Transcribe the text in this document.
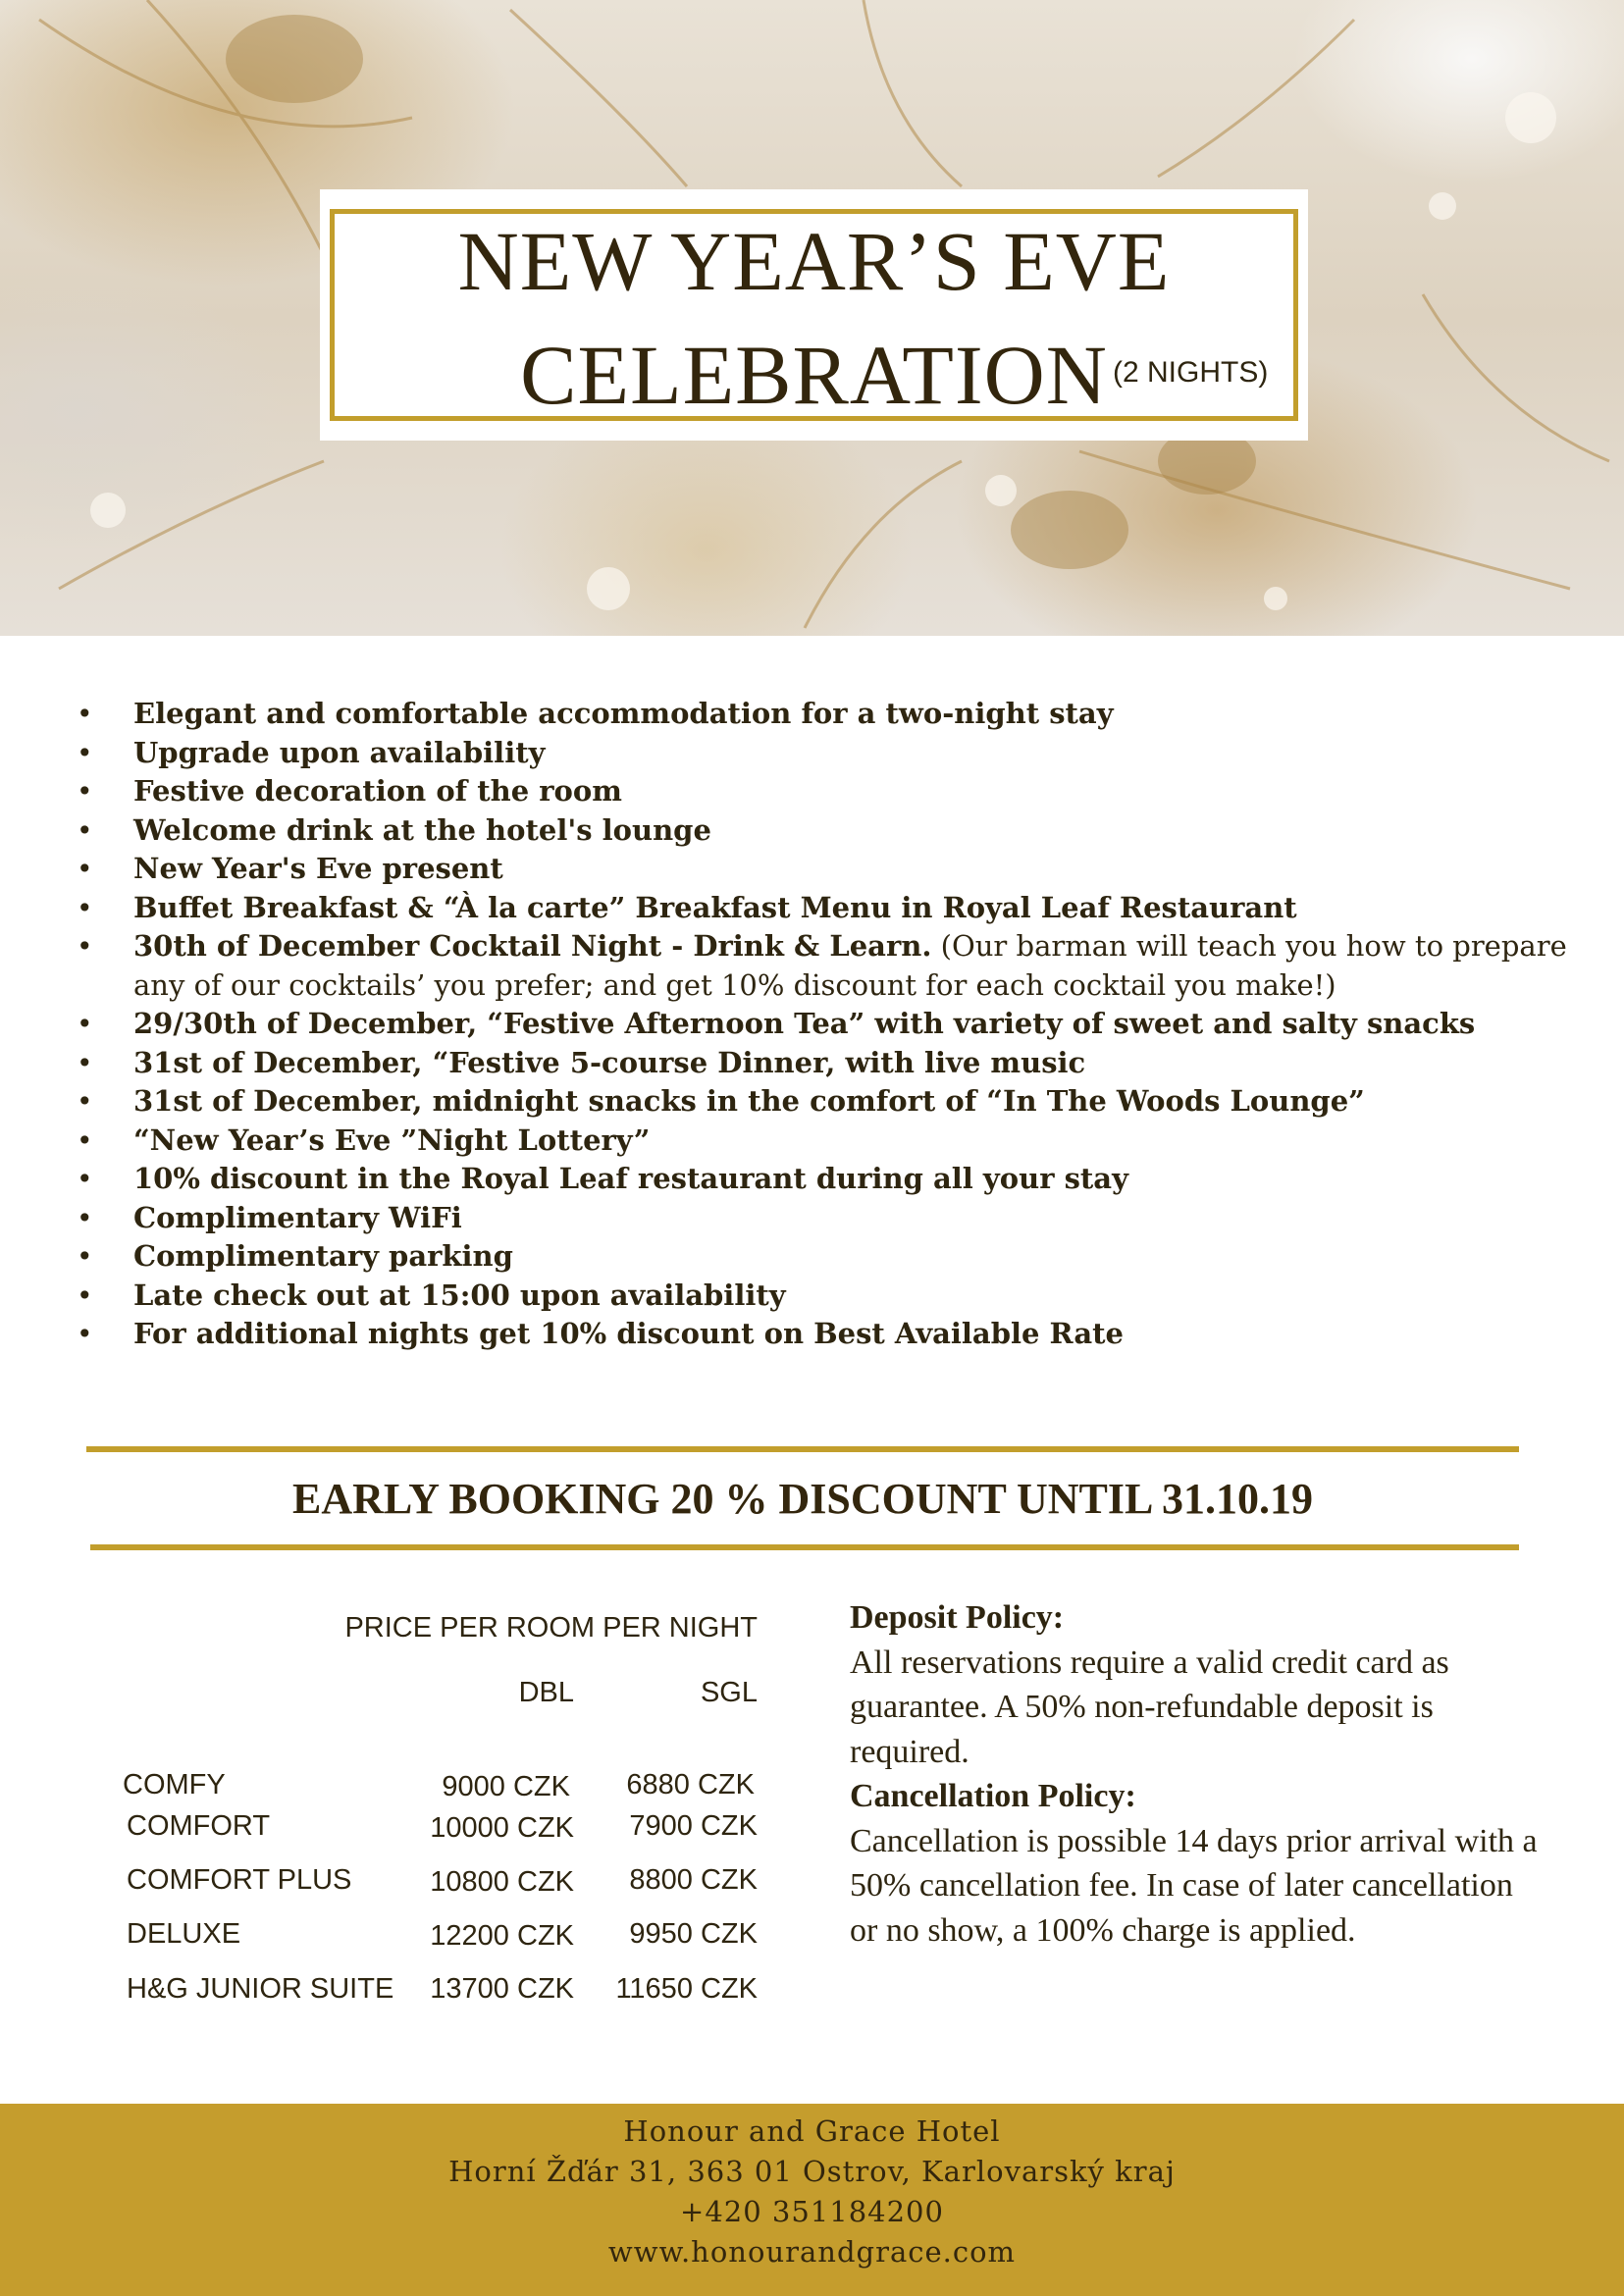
NEW YEAR’S EVE
CELEBRATION (2 NIGHTS)
• Elegant and comfortable accommodation for a two-night stay
• Upgrade upon availability
• Festive decoration of the room
• Welcome drink at the hotel's lounge
• New Year's Eve present
• Buffet Breakfast & “À la carte” Breakfast Menu in Royal Leaf Restaurant
• 30th of December Cocktail Night - Drink & Learn. (Our barman will teach you how to prepare any of our cocktails’ you prefer; and get 10% discount for each cocktail you make!)
• 29/30th of December, “Festive Afternoon Tea” with variety of sweet and salty snacks
• 31st of December, “Festive 5-course Dinner, with live music
• 31st of December, midnight snacks in the comfort of “In The Woods Lounge”
• “New Year’s Eve ”Night Lottery”
• 10% discount in the Royal Leaf restaurant during all your stay
• Complimentary WiFi
• Complimentary parking
• Late check out at 15:00 upon availability
• For additional nights get 10% discount on Best Available Rate
EARLY BOOKING 20 % DISCOUNT UNTIL 31.10.19
PRICE PER ROOM PER NIGHT
DBL	SGL
COMFY	9000 CZK 6880 CZK
COMFORT	10000 CZK 7900 CZK
COMFORT PLUS	10800 CZK 8800 CZK
DELUXE	12200 CZK 9950 CZK
H&G JUNIOR SUITE 13700 CZK 11650 CZK

Deposit Policy:

All reservations require a valid credit card as guarantee. A 50% non-refundable deposit is required.

Cancellation Policy:

Cancellation is possible 14 days prior arrival with a 50% cancellation fee. In case of later cancellation or no show, a 100% charge is applied.

Honour and Grace Hotel
Horní Žďár 31, 363 01 Ostrov, Karlovarský kraj
+420 351184200
www.honourandgrace.com
